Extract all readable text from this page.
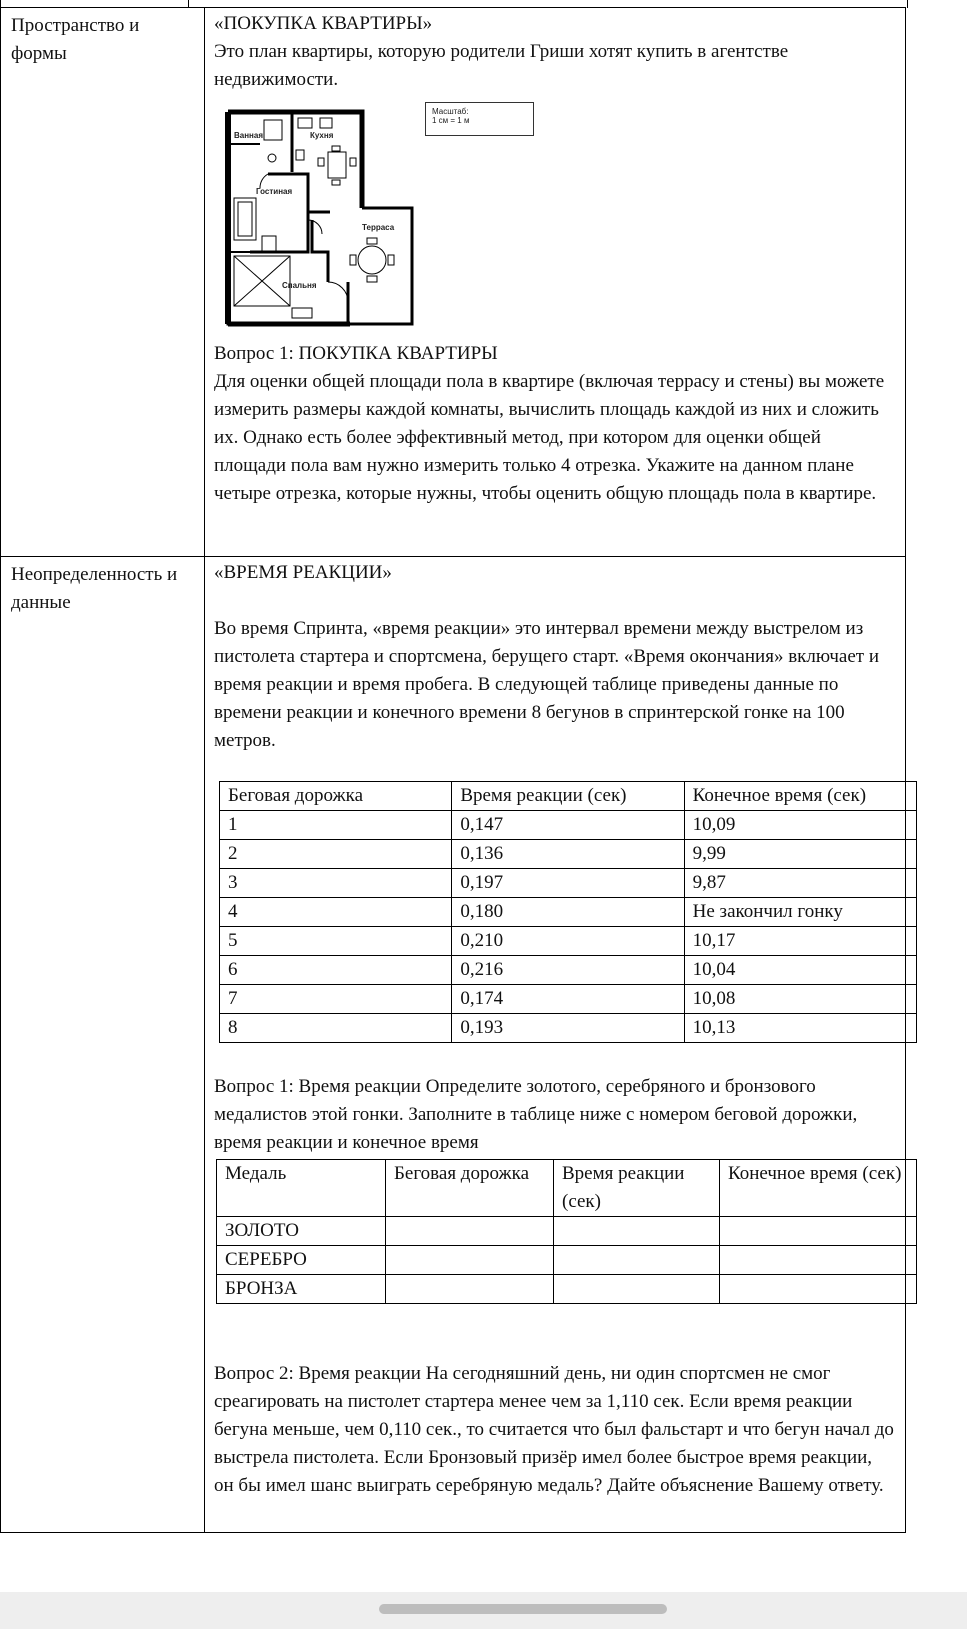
Пространство и формы	
«ПОКУПКА КВАРТИРЫ»

Это план квартиры, которую родители Гриши хотят купить в агентстве недвижимости.

Ванная	Кухня
Гостиная
Терраса
Спальня
Масштаб:
1 см = 1 м
Вопрос 1: ПОКУПКА КВАРТИРЫ

Для оценки общей площади пола в квартире (включая террасу и стены) вы можете измерить размеры каждой комнаты, вычислить площадь каждой из них и сложить их. Однако есть более эффективный метод, при котором для оценки общей площади пола вам нужно измерить только 4 отрезка. Укажите на данном плане четыре отрезка, которые нужны, чтобы оценить общую площадь пола в квартире.

Неопределенность и данные	
«ВРЕМЯ РЕАКЦИИ»

Во время Спринта, «время реакции» это интервал времени между выстрелом из пистолета стартера и спортсмена, берущего старт. «Время окончания» включает и время реакции и время пробега. В следующей таблице приведены данные по времени реакции и конечного времени 8 бегунов в спринтерской гонке на 100 метров.

Беговая дорожка	Время реакции (сек)	Конечное время (сек)
1	0,147	10,09
2	0,136	9,99
3	0,197	9,87
4	0,180	Не закончил гонку
5	0,210	10,17
6	0,216	10,04
7	0,174	10,08
8	0,193	10,13

Вопрос 1: Время реакции Определите золотого, серебряного и бронзового медалистов этой гонки. Заполните в таблице ниже с номером беговой дорожки, время реакции и конечное время

Медаль	Беговая дорожка	Время реакции (сек)	Конечное время (сек)
ЗОЛОТО			
СЕРЕБРО			
БРОНЗА			

Вопрос 2: Время реакции На сегодняшний день, ни один спортсмен не смог среагировать на пистолет стартера менее чем за 1,110 сек. Если время реакции бегуна меньше, чем 0,110 сек., то считается что был фальстарт и что бегун начал до выстрела пистолета. Если Бронзовый призёр имел более быстрое время реакции, он бы имел шанс выиграть серебряную медаль? Дайте объяснение Вашему ответу.
